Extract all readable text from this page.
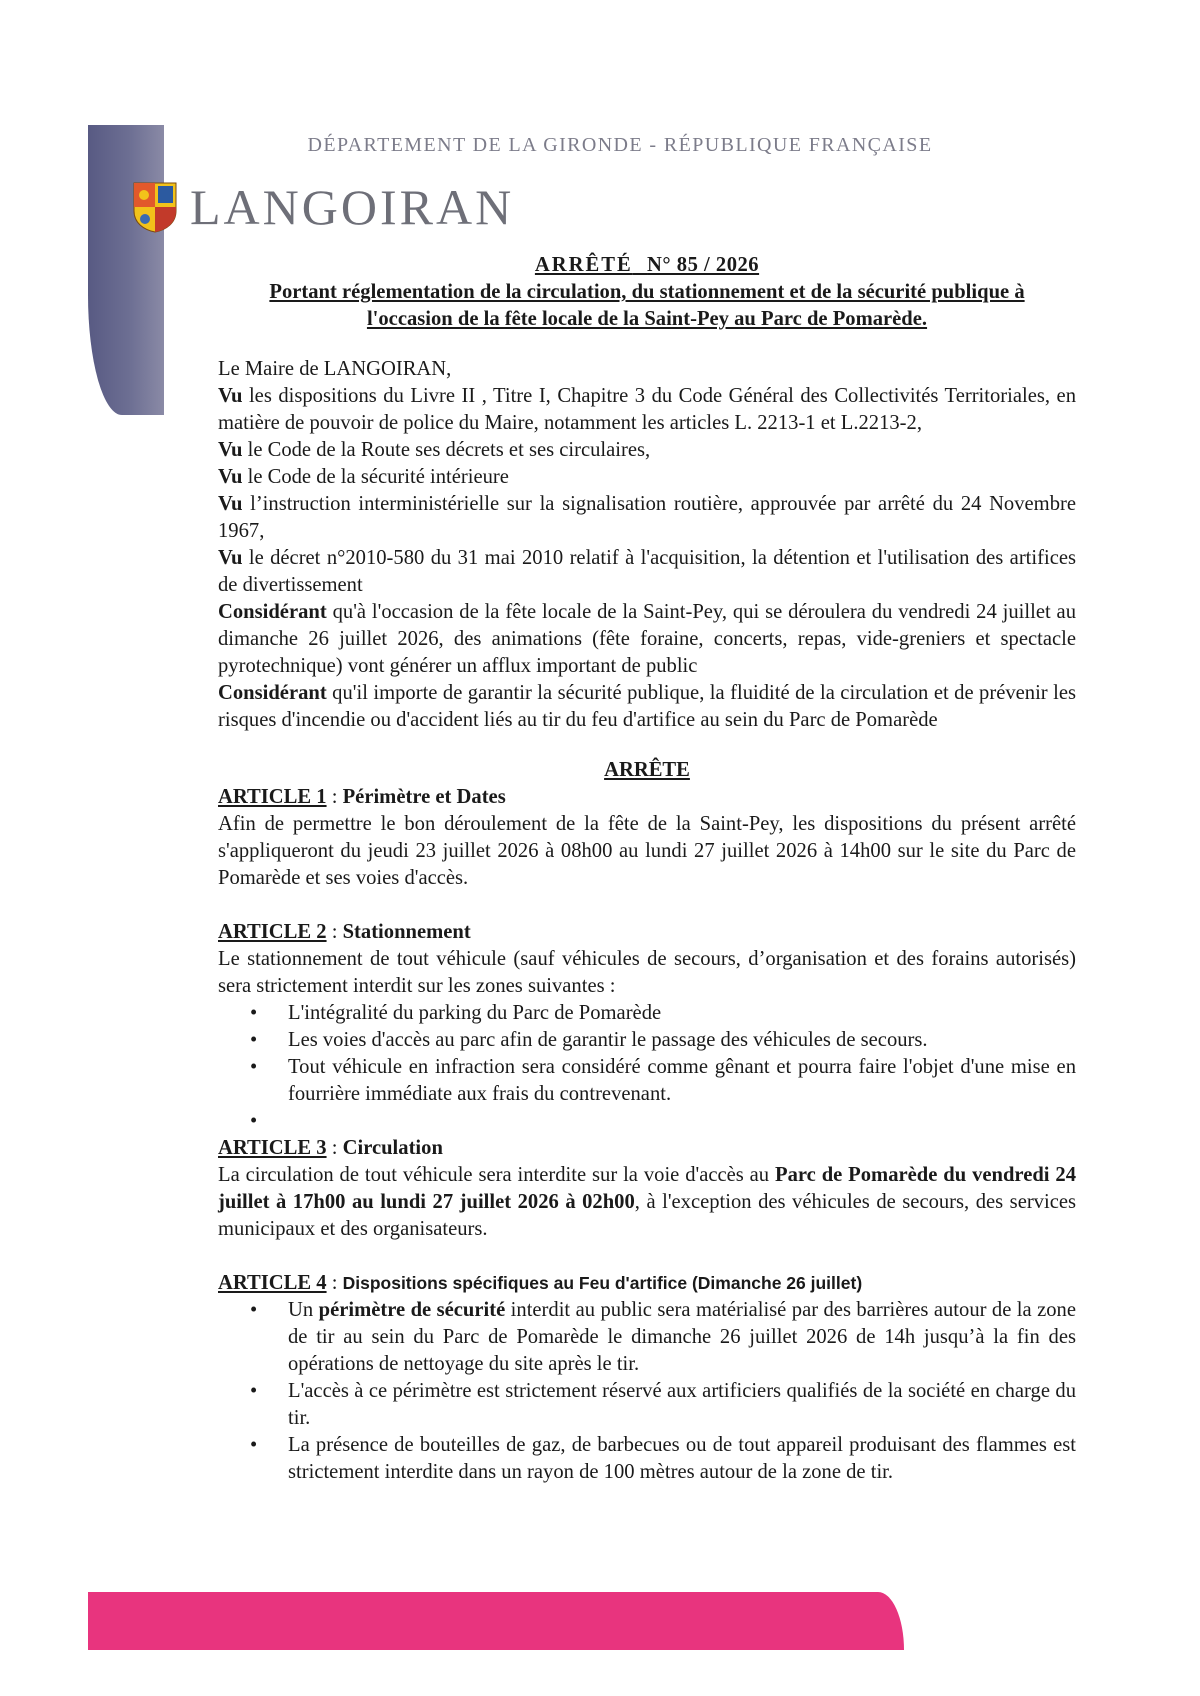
DÉPARTEMENT DE LA GIRONDE - RÉPUBLIQUE FRANÇAISE
LANGOIRAN
ARRÊTÉ N° 85 / 2026
Portant réglementation de la circulation, du stationnement et de la sécurité publique à
l'occasion de la fête locale de la Saint-Pey au Parc de Pomarède.

Le Maire de LANGOIRAN,

Vu les dispositions du Livre II , Titre I, Chapitre 3 du Code Général des Collectivités Territoriales, en matière de pouvoir de police du Maire, notamment les articles L. 2213-1 et L.2213-2,

Vu le Code de la Route ses décrets et ses circulaires,

Vu le Code de la sécurité intérieure

Vu l’instruction interministérielle sur la signalisation routière, approuvée par arrêté du 24 Novembre 1967,

Vu le décret n°2010-580 du 31 mai 2010 relatif à l'acquisition, la détention et l'utilisation des artifices de divertissement

Considérant qu'à l'occasion de la fête locale de la Saint-Pey, qui se déroulera du vendredi 24 juillet au dimanche 26 juillet 2026, des animations (fête foraine, concerts, repas, vide-greniers et spectacle pyrotechnique) vont générer un afflux important de public

Considérant qu'il importe de garantir la sécurité publique, la fluidité de la circulation et de prévenir les risques d'incendie ou d'accident liés au tir du feu d'artifice au sein du Parc de Pomarède

ARRÊTE
ARTICLE 1 : Périmètre et Dates

Afin de permettre le bon déroulement de la fête de la Saint-Pey, les dispositions du présent arrêté s'appliqueront du jeudi 23 juillet 2026 à 08h00 au lundi 27 juillet 2026 à 14h00 sur le site du Parc de Pomarède et ses voies d'accès.

ARTICLE 2 : Stationnement

Le stationnement de tout véhicule (sauf véhicules de secours, d’organisation et des forains autorisés) sera strictement interdit sur les zones suivantes :

• L'intégralité du parking du Parc de Pomarède
• Les voies d'accès au parc afin de garantir le passage des véhicules de secours.
• Tout véhicule en infraction sera considéré comme gênant et pourra faire l'objet d'une mise en fourrière immédiate aux frais du contrevenant.
•
ARTICLE 3 : Circulation

La circulation de tout véhicule sera interdite sur la voie d'accès au Parc de Pomarède du vendredi 24 juillet à 17h00 au lundi 27 juillet 2026 à 02h00, à l'exception des véhicules de secours, des services municipaux et des organisateurs.

ARTICLE 4 : Dispositions spécifiques au Feu d'artifice (Dimanche 26 juillet)
• Un périmètre de sécurité interdit au public sera matérialisé par des barrières autour de la zone de tir au sein du Parc de Pomarède le dimanche 26 juillet 2026 de 14h jusqu’à la fin des opérations de nettoyage du site après le tir.
• L'accès à ce périmètre est strictement réservé aux artificiers qualifiés de la société en charge du tir.
• La présence de bouteilles de gaz, de barbecues ou de tout appareil produisant des flammes est strictement interdite dans un rayon de 100 mètres autour de la zone de tir.
